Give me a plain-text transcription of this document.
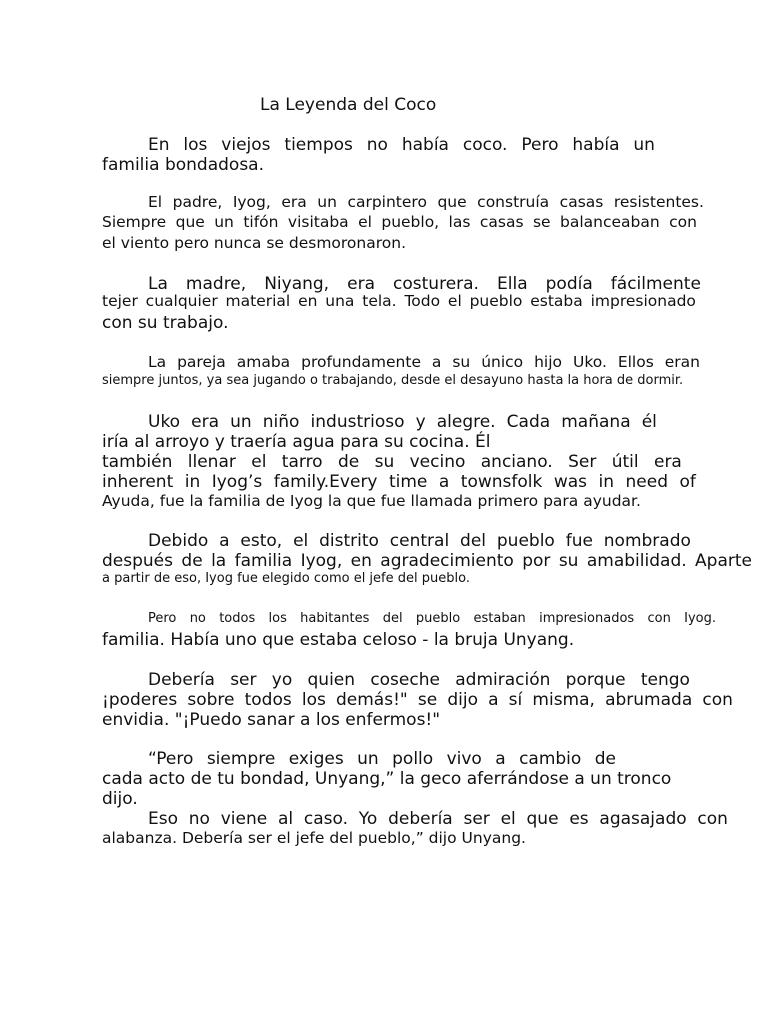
La Leyenda del Coco
En los viejos tiempos no había coco. Pero había un
familia bondadosa.
El padre, Iyog, era un carpintero que construía casas resistentes.
Siempre que un tifón visitaba el pueblo, las casas se balanceaban con
el viento pero nunca se desmoronaron.
La madre, Niyang, era costurera. Ella podía fácilmente
tejer cualquier material en una tela. Todo el pueblo estaba impresionado
con su trabajo.
La pareja amaba profundamente a su único hijo Uko. Ellos eran
siempre juntos, ya sea jugando o trabajando, desde el desayuno hasta la hora de dormir.
Uko era un niño industrioso y alegre. Cada mañana él
iría al arroyo y traería agua para su cocina. Él
también llenar el tarro de su vecino anciano. Ser útil era
inherent in Iyog’s family.Every time a townsfolk was in need of
Ayuda, fue la familia de Iyog la que fue llamada primero para ayudar.
Debido a esto, el distrito central del pueblo fue nombrado
después de la familia Iyog, en agradecimiento por su amabilidad. Aparte
a partir de eso, Iyog fue elegido como el jefe del pueblo.
Pero no todos los habitantes del pueblo estaban impresionados con Iyog.
familia. Había uno que estaba celoso - la bruja Unyang.
Debería ser yo quien coseche admiración porque tengo
¡poderes sobre todos los demás!" se dijo a sí misma, abrumada con
envidia. "¡Puedo sanar a los enfermos!"
“Pero siempre exiges un pollo vivo a cambio de
cada acto de tu bondad, Unyang,” la geco aferrándose a un tronco
dijo.
Eso no viene al caso. Yo debería ser el que es agasajado con
alabanza. Debería ser el jefe del pueblo,” dijo Unyang.
